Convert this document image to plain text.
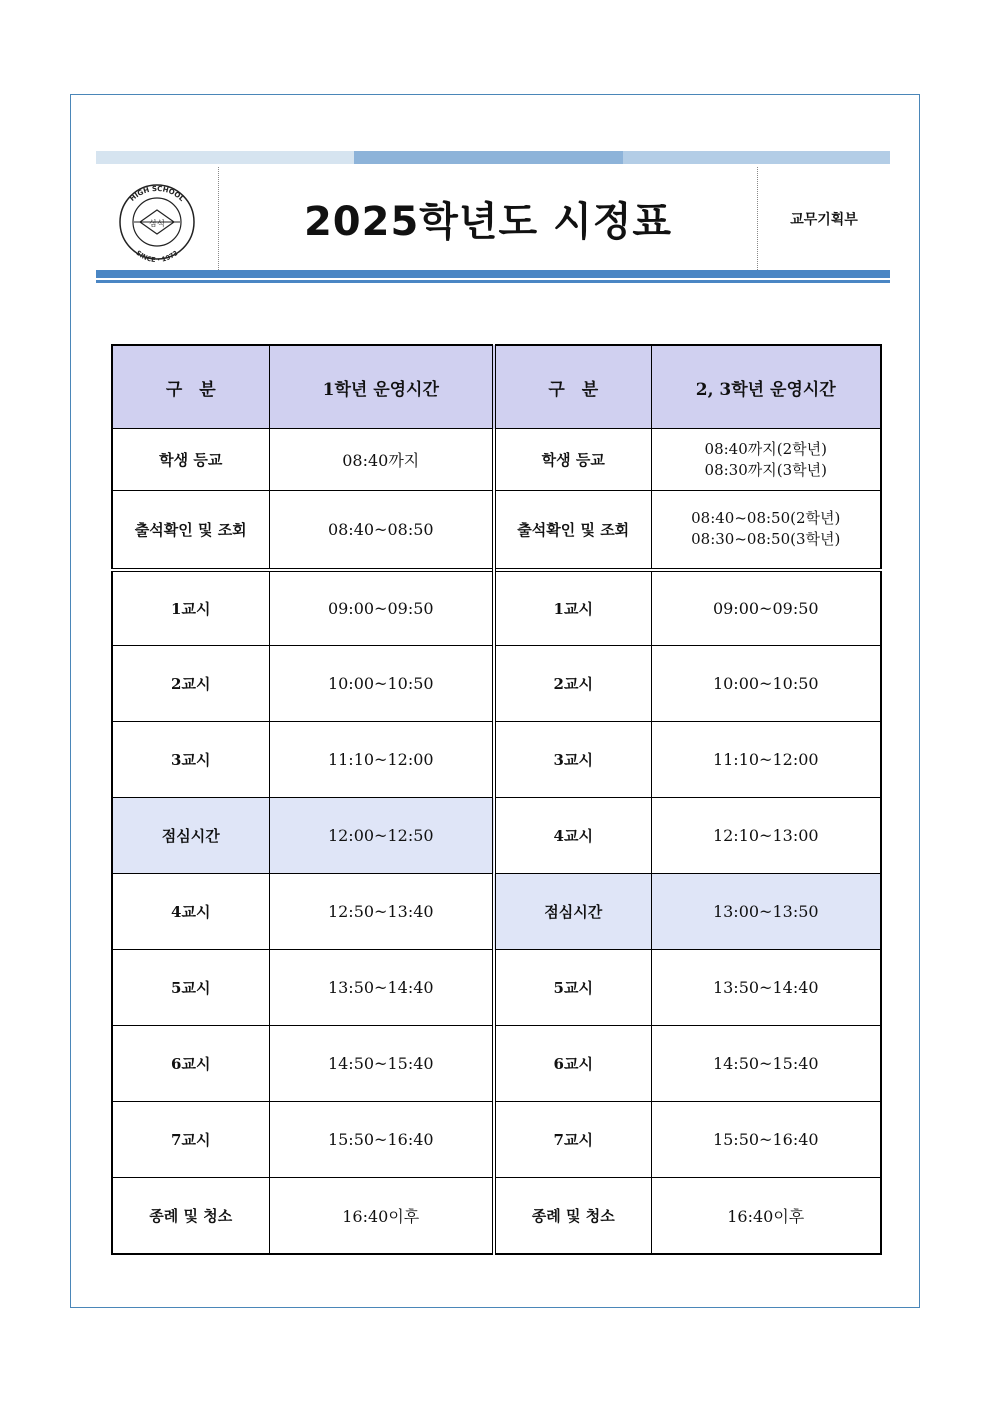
HIGH SCHOOL
SINCE · 1973
삼석	2025학년도 시정표	교무기획부
구　분	1학년 운영시간	구　분	2, 3학년 운영시간
학생 등교	08:40까지	학생 등교	08:40까지(2학년)
08:30까지(3학년)

출석확인 및 조회	08:40~08:50	출석확인 및 조회	08:40~08:50(2학년)
08:30~08:50(3학년)

1교시	09:00~09:50	1교시	09:00~09:50
2교시	10:00~10:50	2교시	10:00~10:50
3교시	11:10~12:00	3교시	11:10~12:00
점심시간	12:00~12:50	4교시	12:10~13:00
4교시	12:50~13:40	점심시간	13:00~13:50
5교시	13:50~14:40	5교시	13:50~14:40
6교시	14:50~15:40	6교시	14:50~15:40
7교시	15:50~16:40	7교시	15:50~16:40
종례 및 청소	16:40이후	종례 및 청소	16:40이후
